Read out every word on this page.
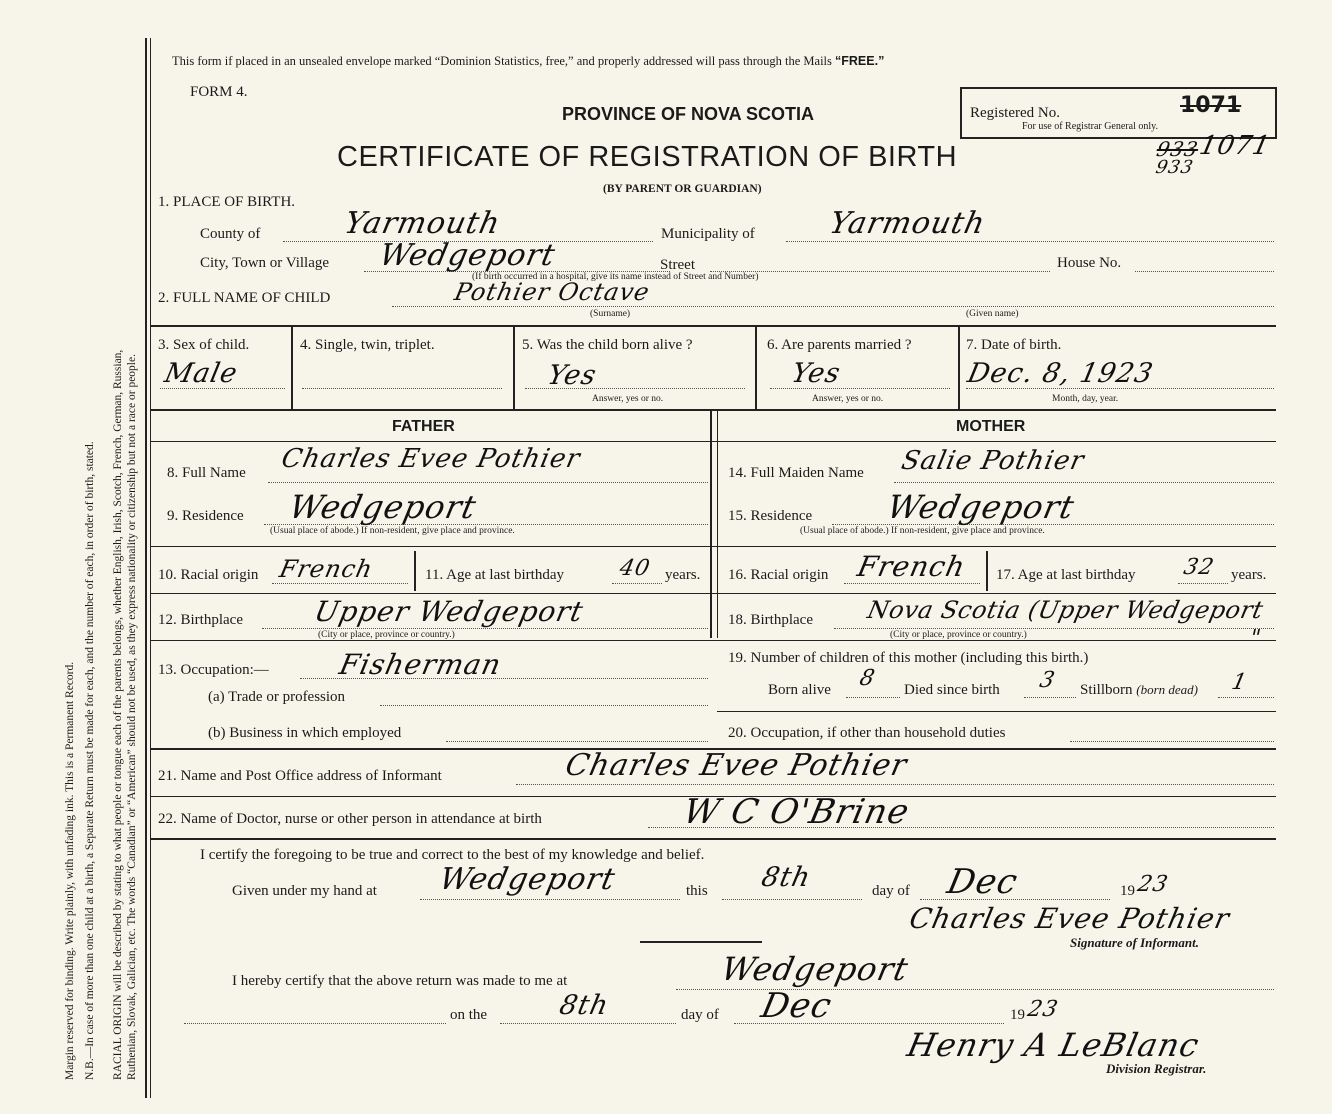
Margin reserved for binding. Write plainly, with unfading ink. This is a Permanent Record. N.B.—In case of more than one child at a birth, a Separate Return must be made for each, and the number of each, in order of birth, stated. RACIAL ORIGIN will be described by stating to what people or tongue each of the parents belongs, whether English, Irish, Scotch, French, German, Russian, Ruthenian, Slovak, Galician, etc. The words “Canadian” or “American” should not be used, as they express nationality or citizenship but not a race or people.
This form if placed in an unsealed envelope marked “Dominion Statistics, free,” and properly addressed will pass through the Mails “FREE.”
FORM 4.
PROVINCE OF NOVA SCOTIA
CERTIFICATE OF REGISTRATION OF BIRTH
(BY PARENT OR GUARDIAN)
Registered No.
For use of Registrar General only.
1071
933
1071
933
1. PLACE OF BIRTH.
County of	Yarmouth	Municipality of Yarmouth
City, Town or Village Wedgeport	Street	House No.
(If birth occurred in a hospital, give its name instead of Street and Number)
2. FULL NAME OF CHILD	Pothier Octave
(Surname)	(Given name)
3. Sex of child.
Male
4. Single, twin, triplet.	5. Was the child born alive ?
Yes
Answer, yes or no.
6. Are parents married ?
Yes
Answer, yes or no.
7. Date of birth.
Dec. 8, 1923
Month, day, year.
FATHER	MOTHER
8. Full Name Charles Evee Pothier
9. Residence Wedgeport
(Usual place of abode.) If non-resident, give place and province.
10. Racial origin French	11. Age at last birthday 40 years.
12. Birthplace Upper Wedgeport
(City or place, province or country.)
14. Full Maiden Name Salie Pothier
15. Residence Wedgeport
(Usual place of abode.) If non-resident, give place and province.
16. Racial origin French 17. Age at last birthday 32 years.
18. Birthplace Nova Scotia (Upper Wedgeport
"
(City or place, province or country.)
13. Occupation:— Fisherman
(a) Trade or profession
(b) Business in which employed
19. Number of children of this mother (including this birth.)
Born alive 8 Died since birth 3 Stillborn (born dead) 1
20. Occupation, if other than household duties
21. Name and Post Office address of Informant	Charles Evee Pothier
22. Name of Doctor, nurse or other person in attendance at birth	W C O'Brine
I certify the foregoing to be true and correct to the best of my knowledge and belief.
Given under my hand at Wedgeport	this 8th	day of Dec	19 23
Charles Evee Pothier
Signature of Informant.
I hereby certify that the above return was made to me at	Wedgeport
on the	8th	day of Dec	19 23
Henry A LeBlanc
Division Registrar.
